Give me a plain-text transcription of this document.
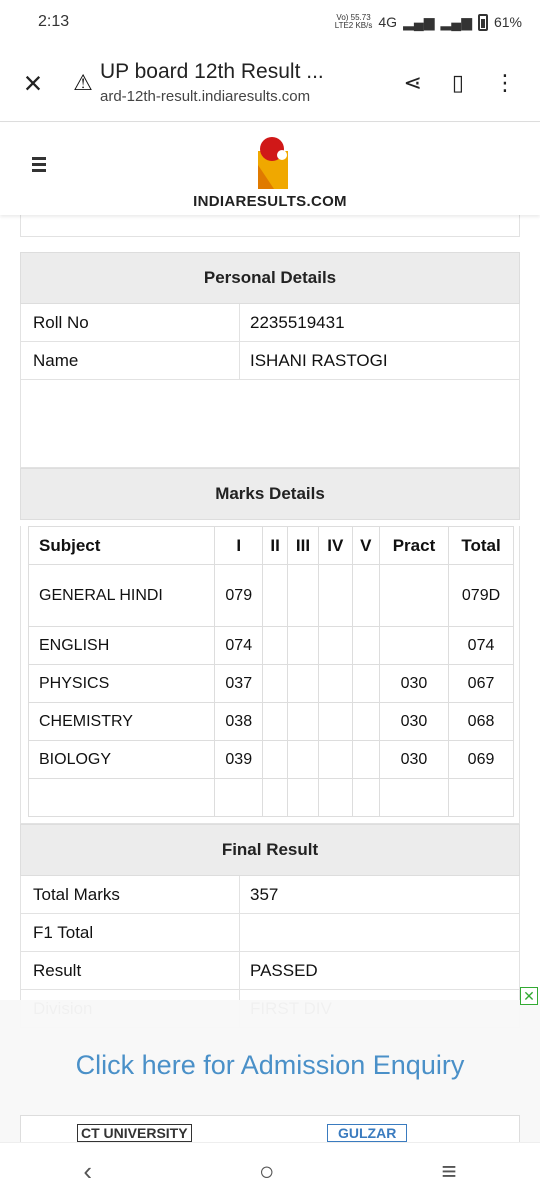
2:13	Vo) 55.73
LTE2 KB/s 4G ▂▄▆ ▂▄▆ 61%
×	⚠ UP board 12th Result ...
ard-12th-result.indiaresults.com
⋖ ▯ ⋮
INDIARESULTS.COM
Personal Details
Roll No	2235519431
Name	ISHANI RASTOGI
Marks Details
Subject	I	II	III	IV	V	Pract	Total
GENERAL HINDI	079						079D
ENGLISH	074						074
PHYSICS	037					030	067
CHEMISTRY	038					030	068
BIOLOGY	039					030	069

Final Result
Total Marks	357
F1 Total
Result	PASSED
✕
Click here for Admission Enquiry
CT UNIVERSITY	GULZAR
‹	○	≡
